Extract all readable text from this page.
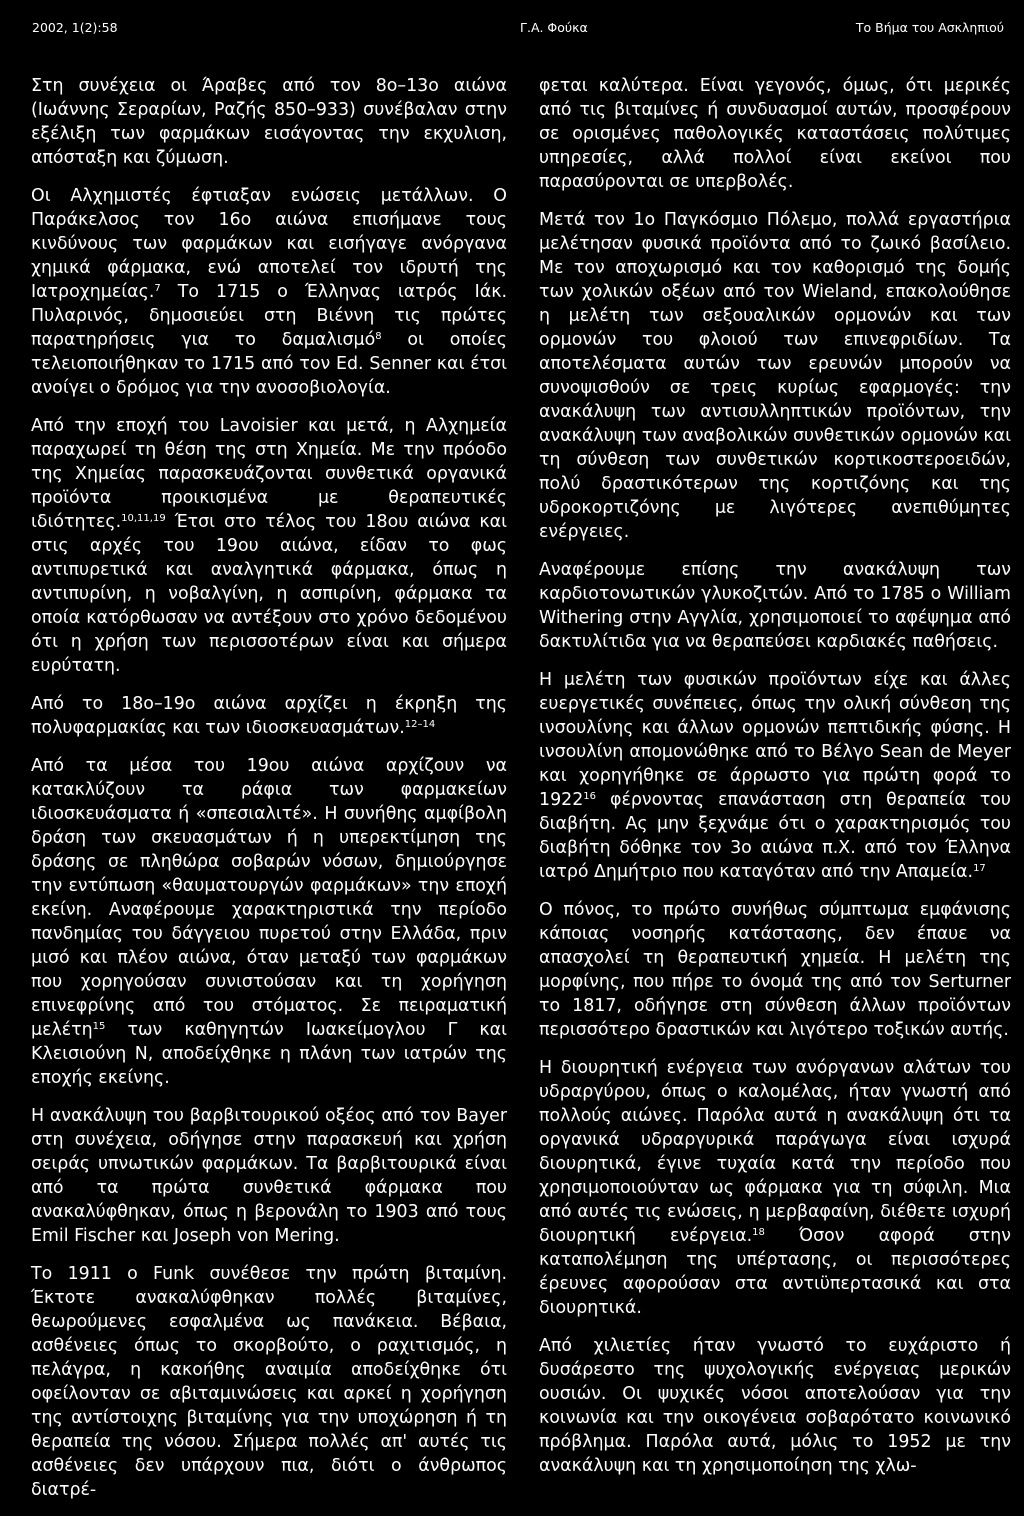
2002, 1(2):58	Γ.Α. Φούκα	Το Βήμα του Ασκληπιού

Στη συνέχεια οι Άραβες από τον 8ο–13ο αιώνα (Ιωάννης Σεραρίων, Ραζής 850–933) συνέβαλαν στην εξέλιξη των φαρμάκων εισάγοντας την εκχυλιση, απόσταξη και ζύμωση.

Οι Αλχημιστές έφτιαξαν ενώσεις μετάλλων. Ο Παράκελσος τον 16ο αιώνα επισήμανε τους κινδύνους των φαρμάκων και εισήγαγε ανόργανα χημικά φάρμακα, ενώ αποτελεί τον ιδρυτή της Ιατροχημείας.$^7$ Το 1715 ο Έλληνας ιατρός Ιάκ. Πυλαρινός, δημοσιεύει στη Βιέννη τις πρώτες παρατηρήσεις για το δαμαλισμό$^8$ οι οποίες τελειοποιήθηκαν το 1715 από τον Ed. Senner και έτσι ανοίγει ο δρόμος για την ανοσοβιολογία.

Από την εποχή του Lavoisier και μετά, η Αλχημεία παραχωρεί τη θέση της στη Χημεία. Με την πρόοδο της Χημείας παρασκευάζονται συνθετικά οργανικά προϊόντα προικισμένα με θεραπευτικές ιδιότητες.$^{10,11,19}$ Έτσι στο τέλος του 18ου αιώνα και στις αρχές του 19ου αιώνα, είδαν το φως αντιπυρετικά και αναλγητικά φάρμακα, όπως η αντιπυρίνη, η νοβαλγίνη, η ασπιρίνη, φάρμακα τα οποία κατόρθωσαν να αντέξουν στο χρόνο δεδομένου ότι η χρήση των περισσοτέρων είναι και σήμερα ευρύτατη.

Από το 18ο–19ο αιώνα αρχίζει η έκρηξη της πολυφαρμακίας και των ιδιοσκευασμάτων.$^{12-14}$

Από τα μέσα του 19ου αιώνα αρχίζουν να κατακλύζουν τα ράφια των φαρμακείων ιδιοσκευάσματα ή «σπεσιαλιτέ». Η συνήθης αμφίβολη δράση των σκευασμάτων ή η υπερεκτίμηση της δράσης σε πληθώρα σοβαρών νόσων, δημιούργησε την εντύπωση «θαυματουργών φαρμάκων» την εποχή εκείνη. Αναφέρουμε χαρακτηριστικά την περίοδο πανδημίας του δάγγειου πυρετού στην Ελλάδα, πριν μισό και πλέον αιώνα, όταν μεταξύ των φαρμάκων που χορηγούσαν συνιστούσαν και τη χορήγηση επινεφρίνης από του στόματος. Σε πειραματική μελέτη$^{15}$ των καθηγητών Ιωακείμογλου Γ και Κλεισιούνη Ν, αποδείχθηκε η πλάνη των ιατρών της εποχής εκείνης.

Η ανακάλυψη του βαρβιτουρικού οξέος από τον Bayer στη συνέχεια, οδήγησε στην παρασκευή και χρήση σειράς υπνωτικών φαρμάκων. Τα βαρβιτουρικά είναι από τα πρώτα συνθετικά φάρμακα που ανακαλύφθηκαν, όπως η βερονάλη το 1903 από τους Emil Fischer και Joseph von Mering.

Το 1911 ο Funk συνέθεσε την πρώτη βιταμίνη. Έκτοτε ανακαλύφθηκαν πολλές βιταμίνες, θεωρούμενες εσφαλμένα ως πανάκεια. Βέβαια, ασθένειες όπως το σκορβούτο, ο ραχιτισμός, η πελάγρα, η κακοήθης αναιμία αποδείχθηκε ότι οφείλονταν σε αβιταμινώσεις και αρκεί η χορήγηση της αντίστοιχης βιταμίνης για την υποχώρηση ή τη θεραπεία της νόσου. Σήμερα πολλές απ' αυτές τις ασθένειες δεν υπάρχουν πια, διότι ο άνθρωπος διατρέ-

φεται καλύτερα. Είναι γεγονός, όμως, ότι μερικές από τις βιταμίνες ή συνδυασμοί αυτών, προσφέρουν σε ορισμένες παθολογικές καταστάσεις πολύτιμες υπηρεσίες, αλλά πολλοί είναι εκείνοι που παρασύρονται σε υπερβολές.

Μετά τον 1ο Παγκόσμιο Πόλεμο, πολλά εργαστήρια μελέτησαν φυσικά προϊόντα από το ζωικό βασίλειο. Με τον αποχωρισμό και τον καθορισμό της δομής των χολικών οξέων από τον Wieland, επακολούθησε η μελέτη των σεξουαλικών ορμονών και των ορμονών του φλοιού των επινεφριδίων. Τα αποτελέσματα αυτών των ερευνών μπορούν να συνοψισθούν σε τρεις κυρίως εφαρμογές: την ανακάλυψη των αντισυλληπτικών προϊόντων, την ανακάλυψη των αναβολικών συνθετικών ορμονών και τη σύνθεση των συνθετικών κορτικοστεροειδών, πολύ δραστικότερων της κορτιζόνης και της υδροκορτιζόνης με λιγότερες ανεπιθύμητες ενέργειες.

Αναφέρουμε επίσης την ανακάλυψη των καρδιοτονωτικών γλυκοζιτών. Από το 1785 ο William Withering στην Αγγλία, χρησιμοποιεί το αφέψημα από δακτυλίτιδα για να θεραπεύσει καρδιακές παθήσεις.

Η μελέτη των φυσικών προϊόντων είχε και άλλες ευεργετικές συνέπειες, όπως την ολική σύνθεση της ινσουλίνης και άλλων ορμονών πεπτιδικής φύσης. Η ινσουλίνη απομονώθηκε από το Βέλγο Sean de Meyer και χορηγήθηκε σε άρρωστο για πρώτη φορά το 1922$^{16}$ φέρνοντας επανάσταση στη θεραπεία του διαβήτη. Ας μην ξεχνάμε ότι ο χαρακτηρισμός του διαβήτη δόθηκε τον 3ο αιώνα π.Χ. από τον Έλληνα ιατρό Δημήτριο που καταγόταν από την Απαμεία.$^{17}$

Ο πόνος, το πρώτο συνήθως σύμπτωμα εμφάνισης κάποιας νοσηρής κατάστασης, δεν έπαυε να απασχολεί τη θεραπευτική χημεία. Η μελέτη της μορφίνης, που πήρε το όνομά της από τον Serturner το 1817, οδήγησε στη σύνθεση άλλων προϊόντων περισσότερο δραστικών και λιγότερο τοξικών αυτής.

Η διουρητική ενέργεια των ανόργανων αλάτων του υδραργύρου, όπως ο καλομέλας, ήταν γνωστή από πολλούς αιώνες. Παρόλα αυτά η ανακάλυψη ότι τα οργανικά υδραργυρικά παράγωγα είναι ισχυρά διουρητικά, έγινε τυχαία κατά την περίοδο που χρησιμοποιούνταν ως φάρμακα για τη σύφιλη. Μια από αυτές τις ενώσεις, η μερβαφαίνη, διέθετε ισχυρή διουρητική ενέργεια.$^{18}$ Όσον αφορά στην καταπολέμηση της υπέρτασης, οι περισσότερες έρευνες αφορούσαν στα αντιϋπερτασικά και στα διουρητικά.

Από χιλιετίες ήταν γνωστό το ευχάριστο ή δυσάρεστο της ψυχολογικής ενέργειας μερικών ουσιών. Οι ψυχικές νόσοι αποτελούσαν για την κοινωνία και την οικογένεια σοβαρότατο κοινωνικό πρόβλημα. Παρόλα αυτά, μόλις το 1952 με την ανακάλυψη και τη χρησιμοποίηση της χλω-
